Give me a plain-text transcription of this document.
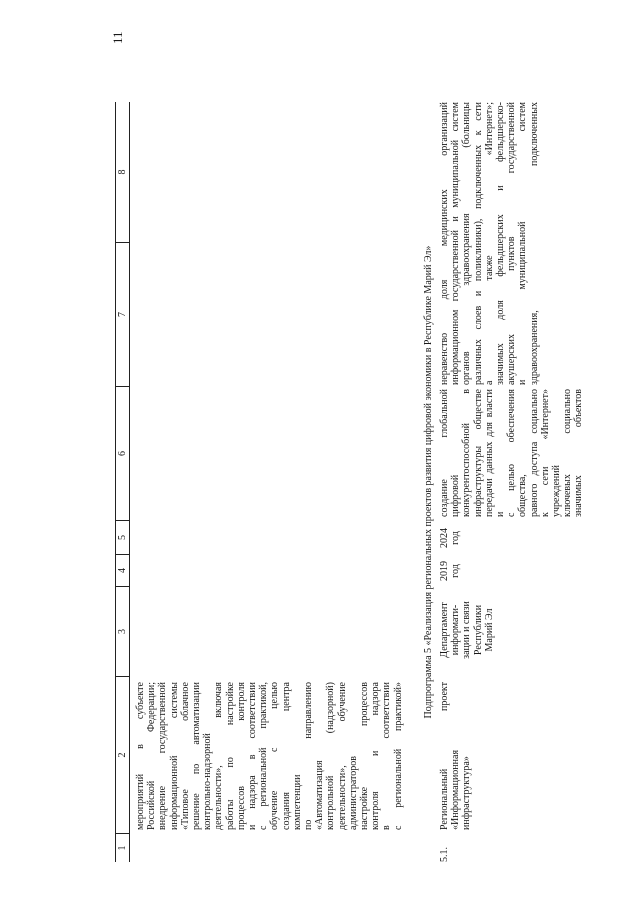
11
1
2
3
4
5
6
7
8
мероприятий в субъекте Российской Федерации; внедрение государственной информационной системы «Типовое облачное решение по автоматизации контрольно-надзорной деятельности», включая работы по настройке процессов контроля и надзора в соответствии с региональной практикой, обучение с целью создания центра компетенции по направлению «Автоматизация контрольной (надзорной) деятельности», обучение администраторов настройке процессов контроля и надзора в соответствии с региональной практикой»
Подпрограмма 5 «Реализация региональных проектов развития цифровой экономики в Республике Марий Эл»
5.1.
Региональный проект «Информационная инфраструктура»
Департамент информати- зации и связи Республики Марий Эл
2019 год
2024 год
создание глобальной цифровой конкурентоспособной в инфраструктуры обществе передачи данных для власти и с целью обеспечения общества, равного доступа социально к сети «Интернет» учреждений ключевых социально значимых объектов
неравенство доля медицинских организаций информационном государственной и муниципальной систем органов здравоохранения (больницы различных слоев и поликлиники), подключенных к сети а также «Интернет»; значимых доля фельдшерских и фельдшерско- акушерских пунктов государственной и муниципальной систем здравоохранения, подключенных
